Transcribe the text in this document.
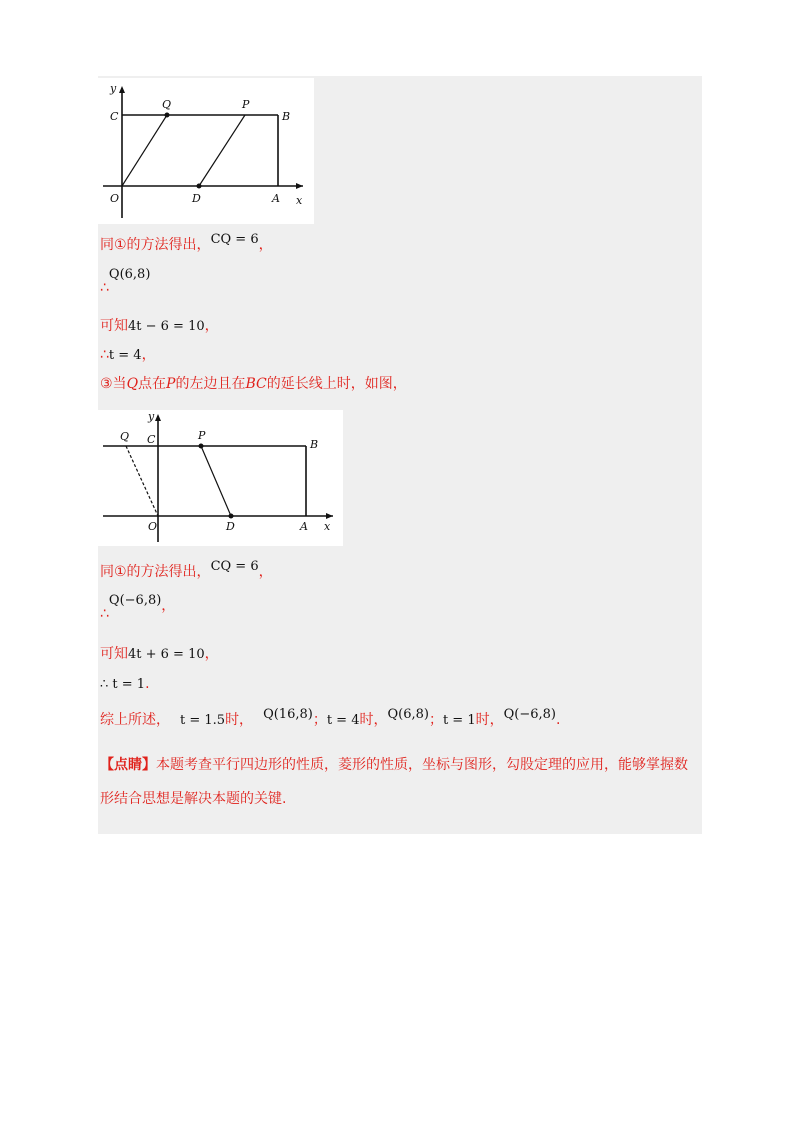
y
x
C
Q	P
B
O	D	A
同①的方法得出，CQ = 6，
∴Q(6,8)
可知4t − 6 = 10，
∴t = 4，
③当Q点在P的左边且在BC的延长线上时，如图，
y
x
Q C	P
B
O	D	A
同①的方法得出，CQ = 6，
∴Q(−6,8)，
可知4t + 6 = 10，
∴ t = 1.
综上所述， t = 1.5时， Q(16,8)；t = 4时，Q(6,8)；t = 1时，Q(−6,8).
【点睛】本题考查平行四边形的性质，菱形的性质，坐标与图形，勾股定理的应用，能够掌握数形结合思想是解决本题的关键.
